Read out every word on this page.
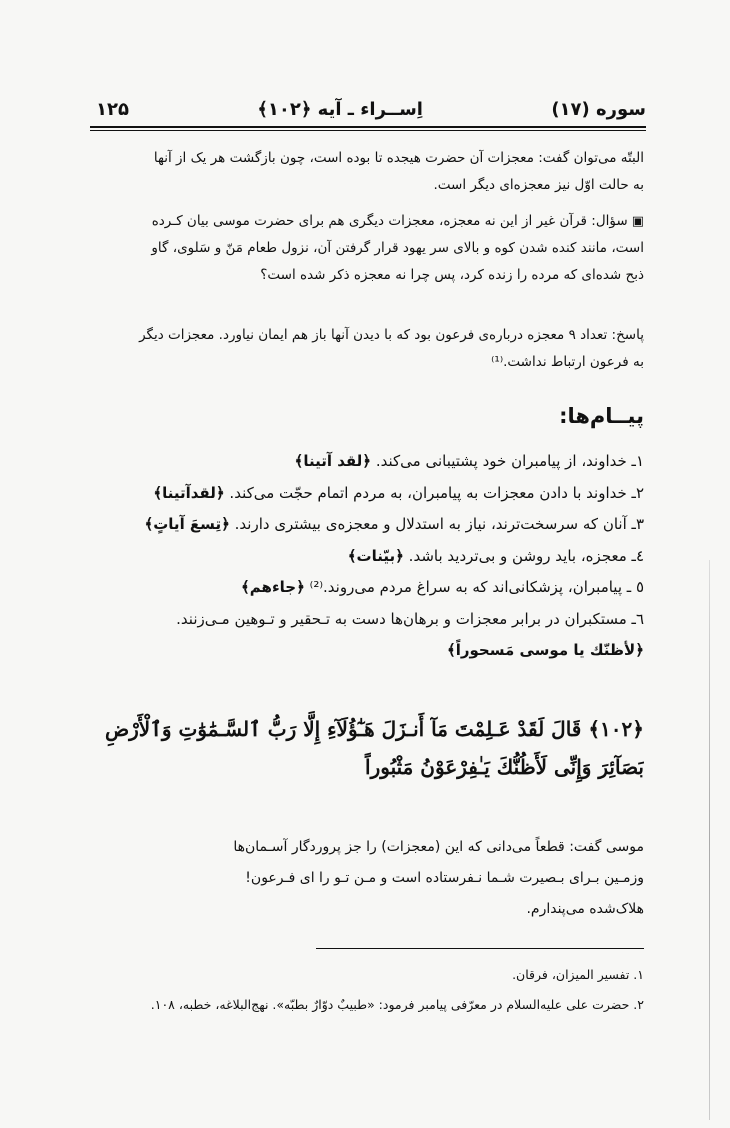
سوره (۱۷)
اِســراء ـ آیه ﴿۱۰۲﴾
۱۲۵
البتّه می‌توان گفت: معجزات آن حضرت هیجده تا بوده است، چون بازگشت هر یک از آنها
به حالت اوّل نیز معجزه‌ای دیگر است.
▣سؤال: قرآن غیر از این نه معجزه، معجزات دیگری هم برای حضرت موسی بیان کـرده
است، مانند کنده شدن کوه و بالای سر یهود قرار گرفتن آن، نزول طعام مَنّ و سَلوی، گاو
ذبح شده‌ای که مرده را زنده کرد، پس چرا نه معجزه ذکر شده است؟
پاسخ: تعداد ۹ معجزه درباره‌ی فرعون بود که با دیدن آنها باز هم ایمان نیاورد. معجزات دیگر
به فرعون ارتباط نداشت.⁽¹⁾
پیــام‌ها:
۱ـ خداوند، از پیامبران خود پشتیبانی می‌کند. ﴿لقد آتینا﴾
۲ـ خداوند با دادن معجزات به پیامبران، به مردم اتمام حجّت می‌کند. ﴿لقدآتینا﴾
۳ـ آنان که سرسخت‌ترند، نیاز به استدلال و معجزه‌ی بیشتری دارند. ﴿تِسعَ آیاتٍ﴾
٤ـ معجزه، باید روشن و بی‌تردید باشد. ﴿بیّنات﴾
٥ ـ پیامبران، پزشکانی‌اند که به سراغ مردم می‌روند.⁽²⁾ ﴿جاءهم﴾
٦ـ مستکبران در برابر معجزات و برهان‌ها دست به تـحقیر و تـوهین مـی‌زنند.
﴿لأظنّك یا موسی مَسحوراً﴾
﴿۱۰۲﴾ قَالَ لَقَدْ عَـلِمْتَ مَآ أَنـزَلَ هَـٰٓؤُلَآءِ إِلَّا رَبُّ ٱلسَّـمَٰوَٰتِ وَٱلْأَرْضِ
بَصَآئِرَ وَإِنِّى لَأَظُنُّكَ يَـٰفِرْعَوْنُ مَثْبُوراً
موسی گفت: قطعاً می‌دانی که این (معجزات) را جز پروردگار آسـمان‌ها
وزمـین بـرای بـصیرت شـما نـفرستاده است و مـن تـو را ای فـرعون!
هلاک‌شده می‌پندارم.
۱. تفسیر المیزان، فرقان.
۲. حضرت علی علیه‌السلام در معرّفی پیامبر فرمود: «طبیبٌ دوّارٌ بطبّه». نهج‌البلاغه، خطبه، ۱۰۸.
